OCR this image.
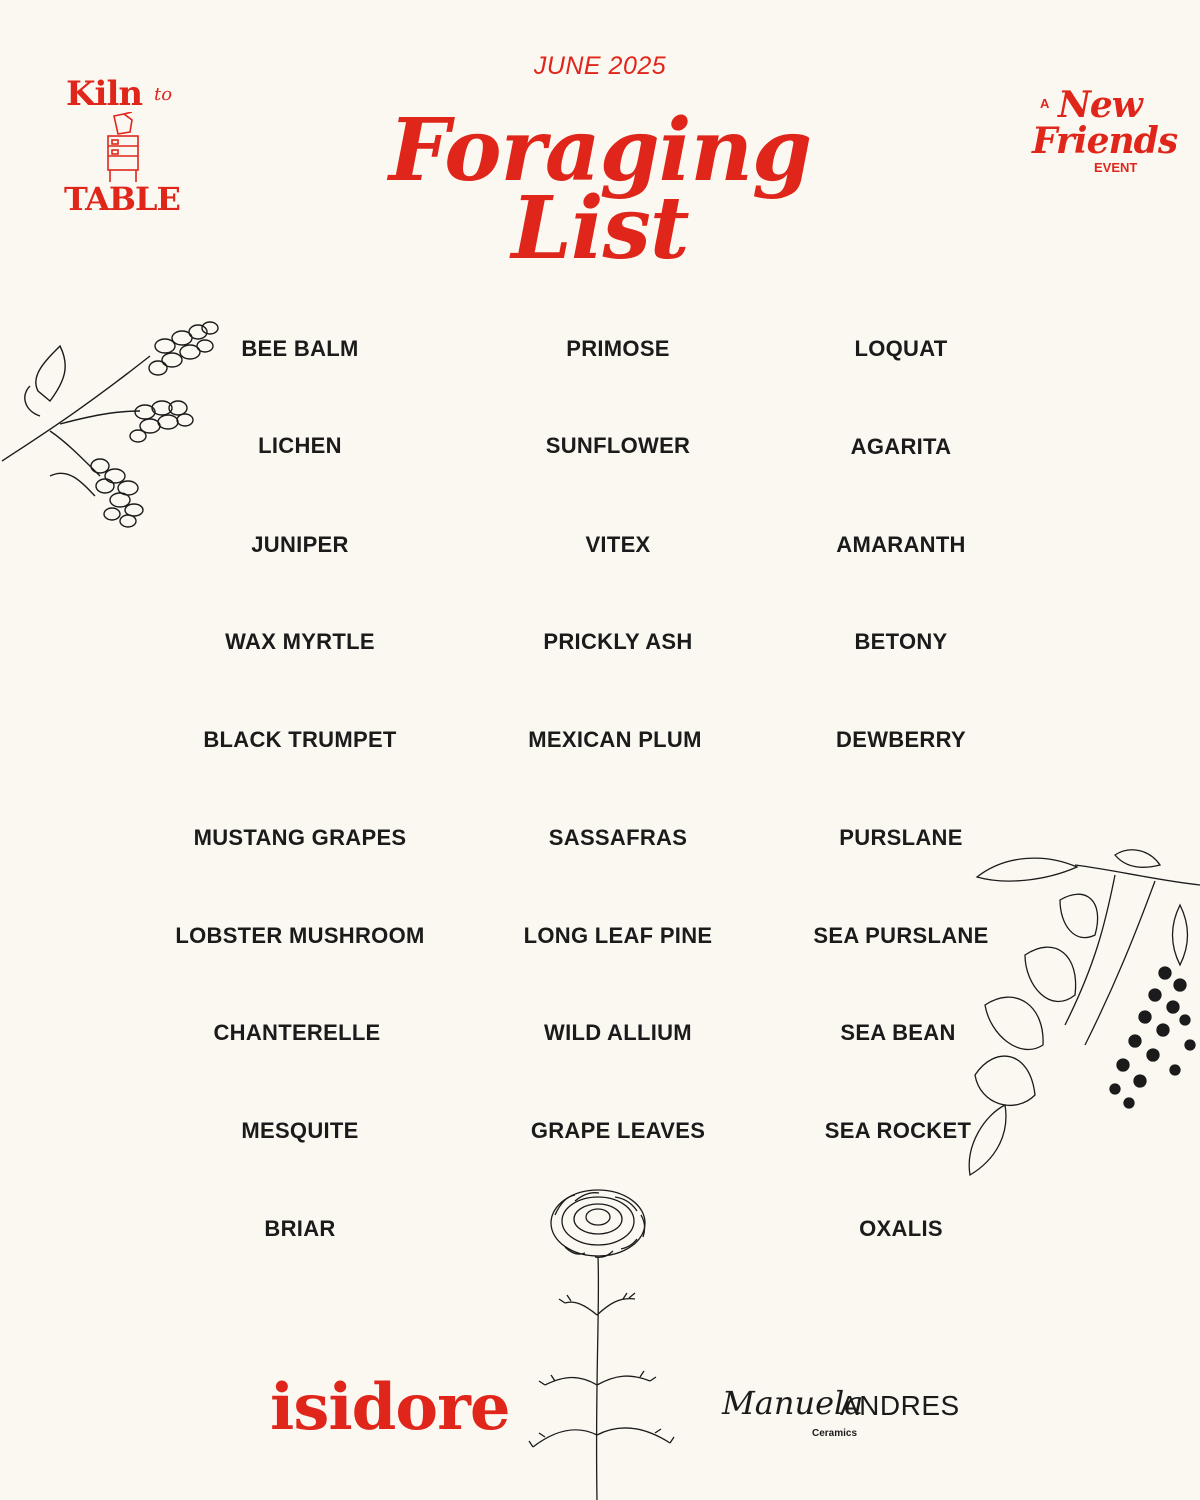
JUNE 2025
Foraging
List
Kiln to
TABLE
A New
Friends
EVENT
BEE BALM
LICHEN
JUNIPER
WAX MYRTLE
BLACK TRUMPET
MUSTANG GRAPES
LOBSTER MUSHROOM
CHANTERELLE
MESQUITE
BRIAR
PRIMOSE
SUNFLOWER
VITEX
PRICKLY ASH
MEXICAN PLUM
SASSAFRAS
LONG LEAF PINE
WILD ALLIUM
GRAPE LEAVES
LOQUAT
AGARITA
AMARANTH
BETONY
DEWBERRY
PURSLANE
SEA PURSLANE
SEA BEAN
SEA ROCKET
OXALIS
isidore	Manuela
ANDRES
Ceramics
